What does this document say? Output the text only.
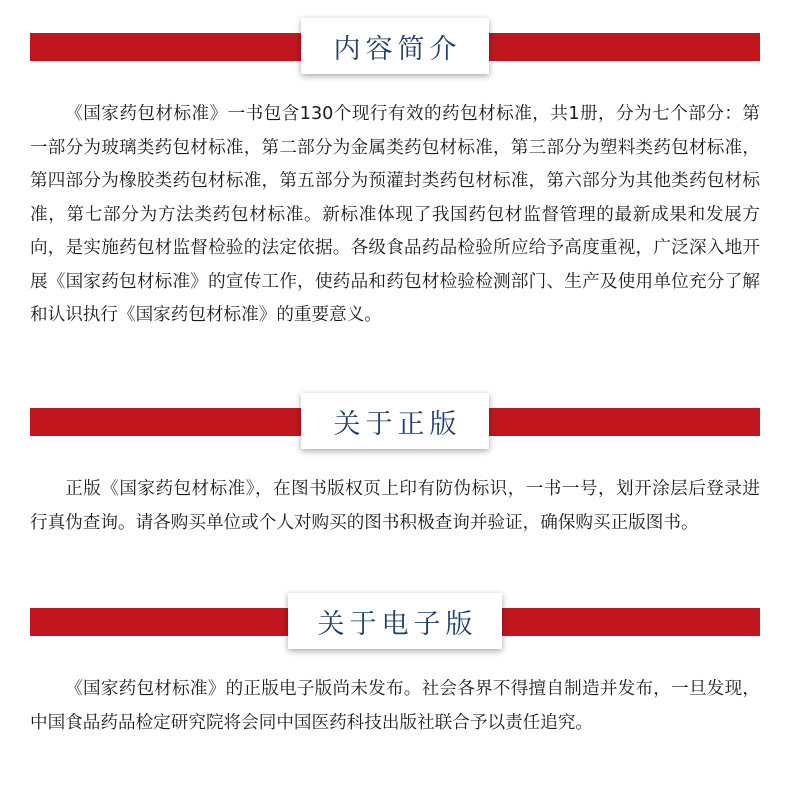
内容简介

《国家药包材标准》一书包含130个现行有效的药包材标准，共1册，分为七个部分：第一部分为玻璃类药包材标准，第二部分为金属类药包材标准，第三部分为塑料类药包材标准，第四部分为橡胶类药包材标准，第五部分为预灌封类药包材标准，第六部分为其他类药包材标准，第七部分为方法类药包材标准。新标准体现了我国药包材监督管理的最新成果和发展方向，是实施药包材监督检验的法定依据。各级食品药品检验所应给予高度重视，广泛深入地开展《国家药包材标准》的宣传工作，使药品和药包材检验检测部门、生产及使用单位充分了解和认识执行《国家药包材标准》的重要意义。

关于正版

正版《国家药包材标准》，在图书版权页上印有防伪标识，一书一号，划开涂层后登录进行真伪查询。请各购买单位或个人对购买的图书积极查询并验证，确保购买正版图书。

关于电子版

《国家药包材标准》的正版电子版尚未发布。社会各界不得擅自制造并发布，一旦发现，中国食品药品检定研究院将会同中国医药科技出版社联合予以责任追究。
